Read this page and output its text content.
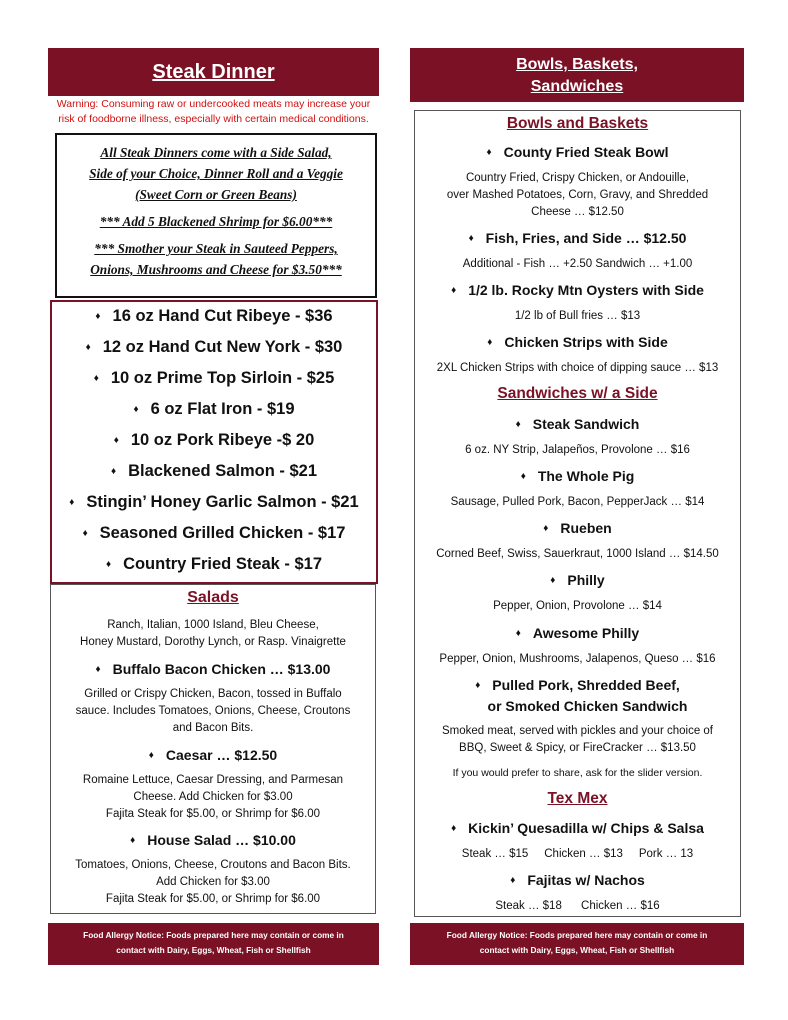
Steak Dinner
Warning: Consuming raw or undercooked meats may increase your
risk of foodborne illness, especially with certain medical conditions.
All Steak Dinners come with a Side Salad,
Side of your Choice, Dinner Roll and a Veggie
(Sweet Corn or Green Beans)
*** Add 5 Blackened Shrimp for $6.00***
*** Smother your Steak in Sauteed Peppers,
Onions, Mushrooms and Cheese for $3.50***
♦ 16 oz Hand Cut Ribeye - $36
♦ 12 oz Hand Cut New York - $30
♦ 10 oz Prime Top Sirloin - $25
♦ 6 oz Flat Iron - $19
♦ 10 oz Pork Ribeye -$ 20
♦ Blackened Salmon - $21
♦ Stingin’ Honey Garlic Salmon - $21
♦ Seasoned Grilled Chicken - $17
♦ Country Fried Steak - $17
Salads
Ranch, Italian, 1000 Island, Bleu Cheese,
Honey Mustard, Dorothy Lynch, or Rasp. Vinaigrette
♦ Buffalo Bacon Chicken … $13.00
Grilled or Crispy Chicken, Bacon, tossed in Buffalo
sauce. Includes Tomatoes, Onions, Cheese, Croutons
and Bacon Bits.
♦ Caesar … $12.50
Romaine Lettuce, Caesar Dressing, and Parmesan
Cheese. Add Chicken for $3.00
Fajita Steak for $5.00, or Shrimp for $6.00
♦ House Salad … $10.00
Tomatoes, Onions, Cheese, Croutons and Bacon Bits.
Add Chicken for $3.00
Fajita Steak for $5.00, or Shrimp for $6.00
Food Allergy Notice: Foods prepared here may contain or come in
contact with Dairy, Eggs, Wheat, Fish or Shellfish
Bowls, Baskets,
Sandwiches
Bowls and Baskets
♦ County Fried Steak Bowl
Country Fried, Crispy Chicken, or Andouille,
over Mashed Potatoes, Corn, Gravy, and Shredded
Cheese … $12.50
♦ Fish, Fries, and Side … $12.50
Additional - Fish … +2.50 Sandwich … +1.00
♦ 1/2 lb. Rocky Mtn Oysters with Side
1/2 lb of Bull fries … $13
♦ Chicken Strips with Side
2XL Chicken Strips with choice of dipping sauce … $13
Sandwiches w/ a Side
♦ Steak Sandwich
6 oz. NY Strip, Jalapeños, Provolone … $16
♦ The Whole Pig
Sausage, Pulled Pork, Bacon, PepperJack … $14
♦ Rueben
Corned Beef, Swiss, Sauerkraut, 1000 Island … $14.50
♦ Philly
Pepper, Onion, Provolone … $14
♦ Awesome Philly
Pepper, Onion, Mushrooms, Jalapenos, Queso … $16
♦ Pulled Pork, Shredded Beef,
or Smoked Chicken Sandwich
Smoked meat, served with pickles and your choice of
BBQ, Sweet & Spicy, or FireCracker … $13.50
If you would prefer to share, ask for the slider version.
Tex Mex
♦ Kickin’ Quesadilla w/ Chips & Salsa
Steak … $15     Chicken … $13     Pork … 13
♦ Fajitas w/ Nachos
Steak … $18      Chicken … $16
Food Allergy Notice: Foods prepared here may contain or come in
contact with Dairy, Eggs, Wheat, Fish or Shellfish
